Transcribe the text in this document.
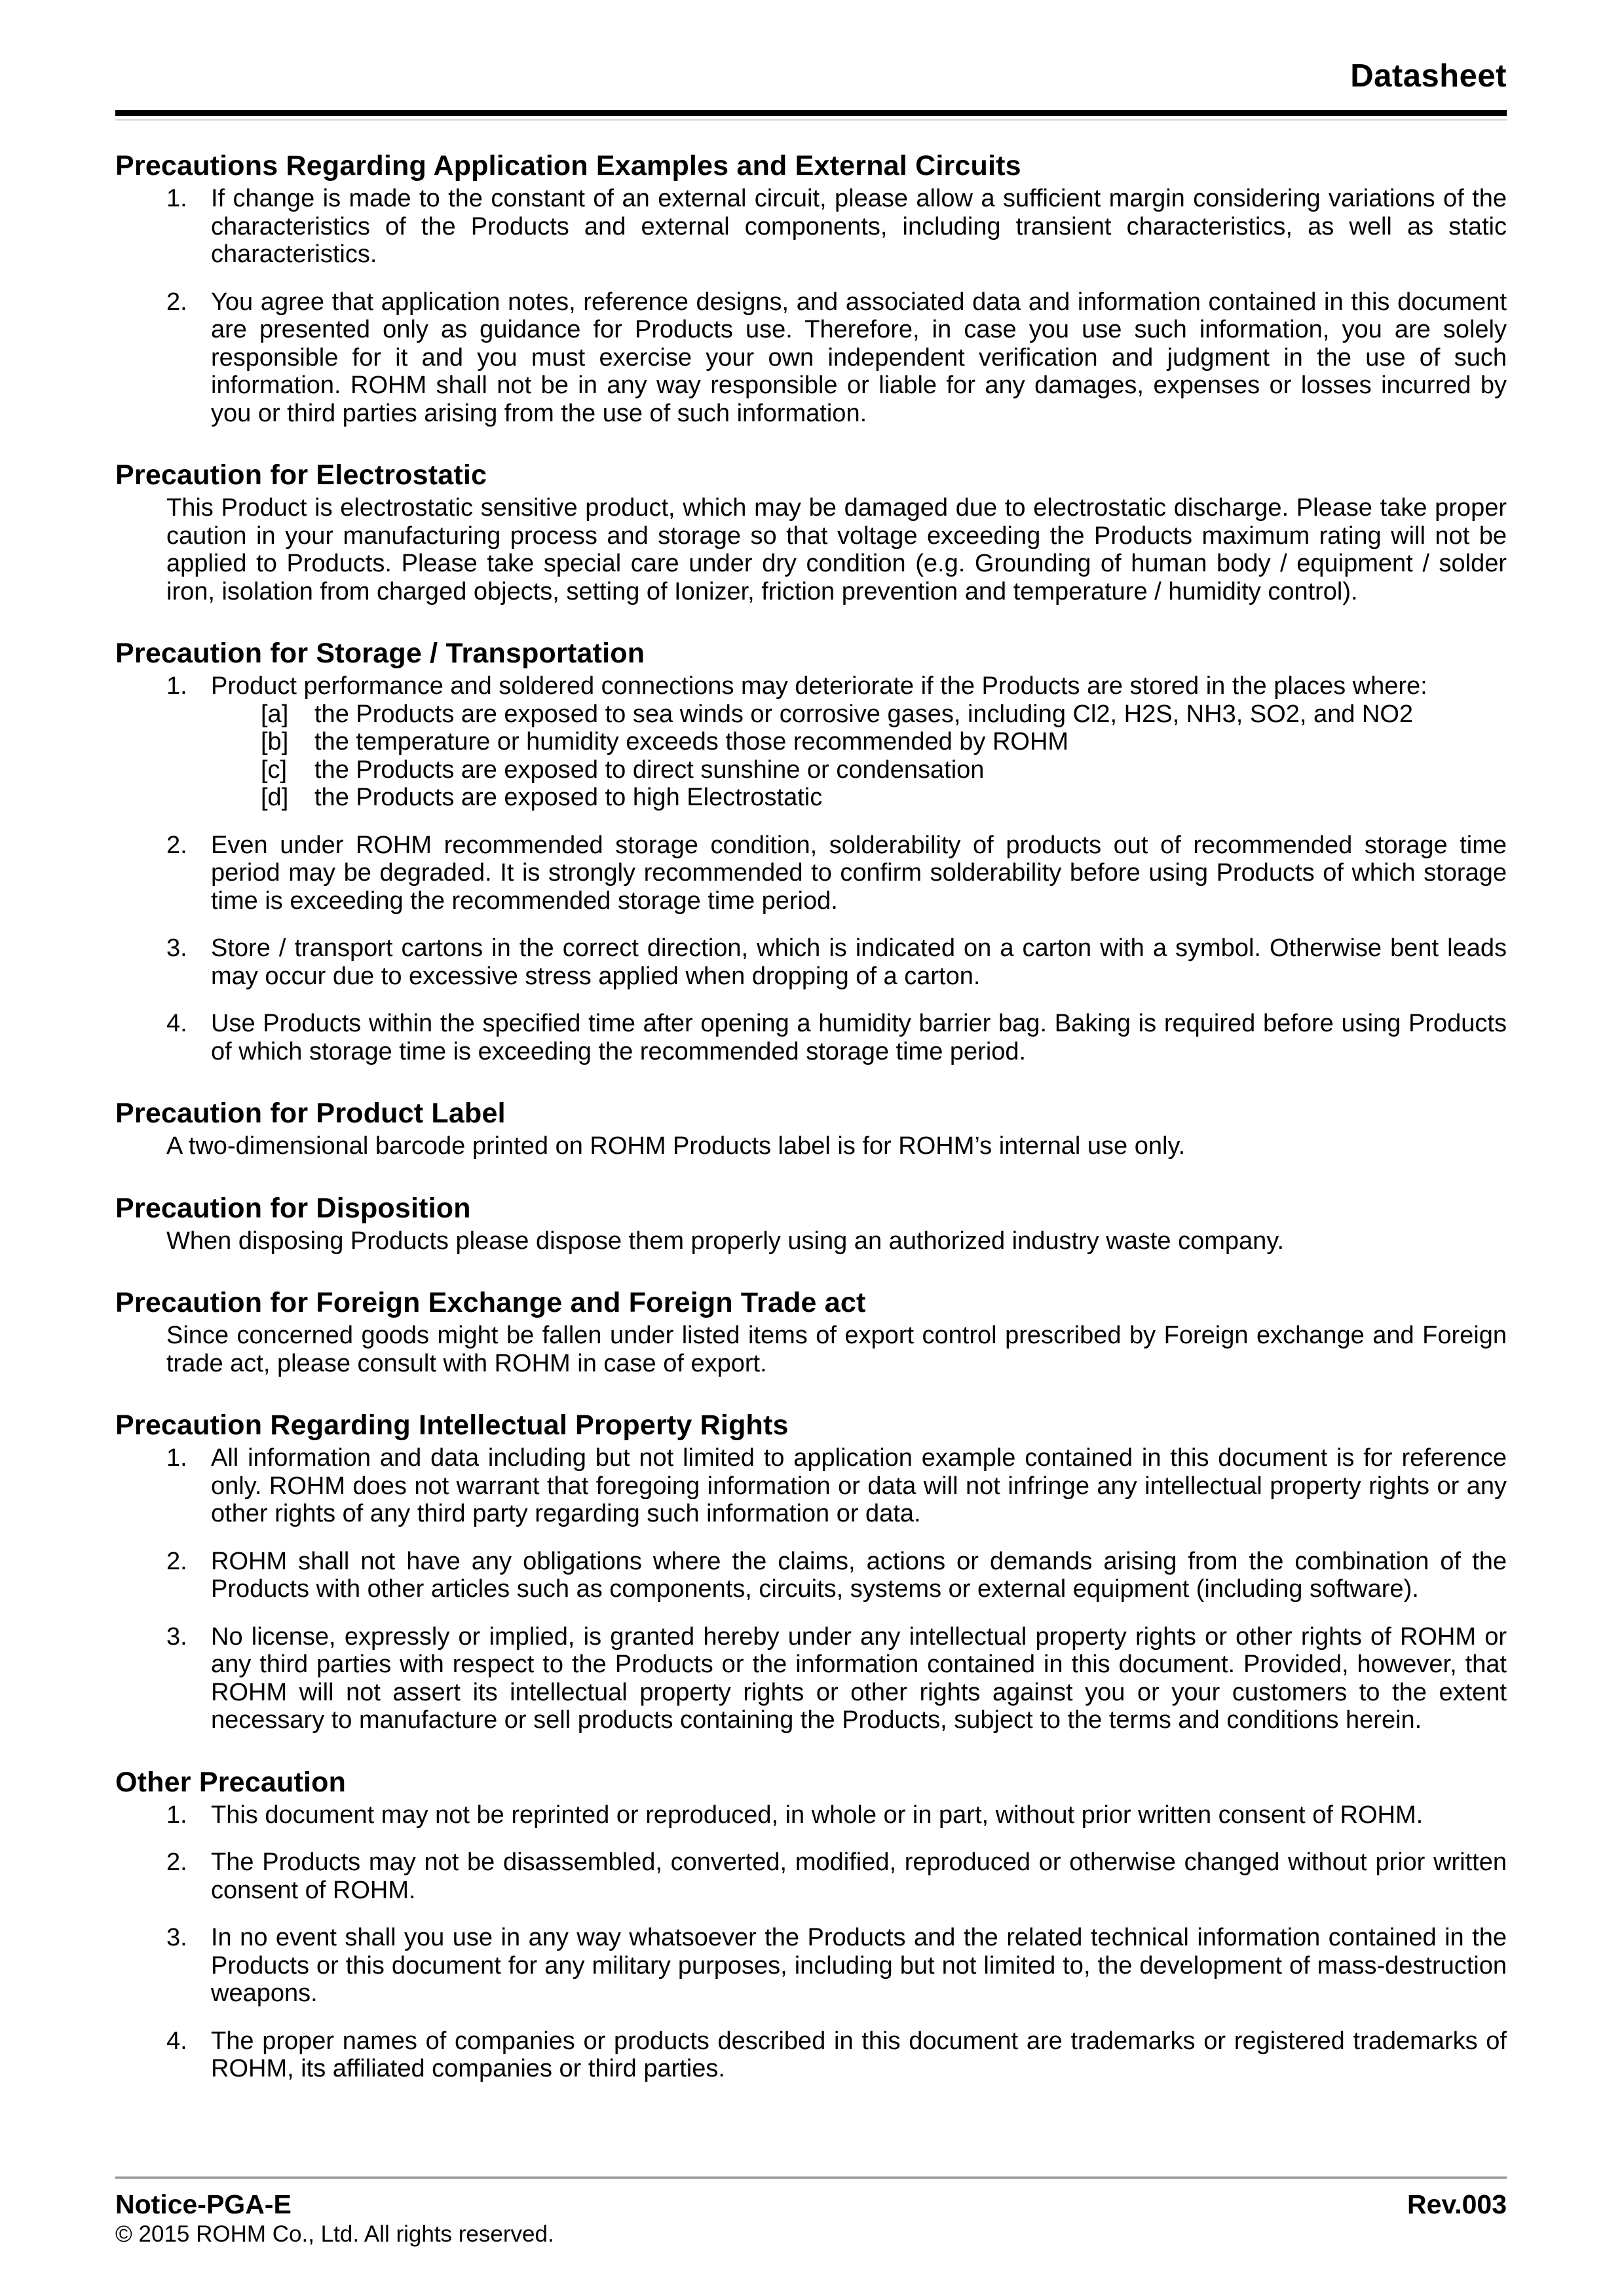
Datasheet
Precautions Regarding Application Examples and External Circuits
1. If change is made to the constant of an external circuit, please allow a sufficient margin considering variations of the characteristics of the Products and external components, including transient characteristics, as well as static characteristics.
2. You agree that application notes, reference designs, and associated data and information contained in this document are presented only as guidance for Products use. Therefore, in case you use such information, you are solely responsible for it and you must exercise your own independent verification and judgment in the use of such information. ROHM shall not be in any way responsible or liable for any damages, expenses or losses incurred by you or third parties arising from the use of such information.
Precaution for Electrostatic
This Product is electrostatic sensitive product, which may be damaged due to electrostatic discharge. Please take proper caution in your manufacturing process and storage so that voltage exceeding the Products maximum rating will not be applied to Products. Please take special care under dry condition (e.g. Grounding of human body / equipment / solder iron, isolation from charged objects, setting of Ionizer, friction prevention and temperature / humidity control).
Precaution for Storage / Transportation
1. Product performance and soldered connections may deteriorate if the Products are stored in the places where:
[a]	the Products are exposed to sea winds or corrosive gases, including Cl2, H2S, NH3, SO2, and NO2
[b]	the temperature or humidity exceeds those recommended by ROHM
[c]	the Products are exposed to direct sunshine or condensation
[d]	the Products are exposed to high Electrostatic
2. Even under ROHM recommended storage condition, solderability of products out of recommended storage time period may be degraded. It is strongly recommended to confirm solderability before using Products of which storage time is exceeding the recommended storage time period.
3. Store / transport cartons in the correct direction, which is indicated on a carton with a symbol. Otherwise bent leads may occur due to excessive stress applied when dropping of a carton.
4. Use Products within the specified time after opening a humidity barrier bag. Baking is required before using Products of which storage time is exceeding the recommended storage time period.
Precaution for Product Label
A two-dimensional barcode printed on ROHM Products label is for ROHM’s internal use only.
Precaution for Disposition
When disposing Products please dispose them properly using an authorized industry waste company.
Precaution for Foreign Exchange and Foreign Trade act
Since concerned goods might be fallen under listed items of export control prescribed by Foreign exchange and Foreign trade act, please consult with ROHM in case of export.
Precaution Regarding Intellectual Property Rights
1. All information and data including but not limited to application example contained in this document is for reference only. ROHM does not warrant that foregoing information or data will not infringe any intellectual property rights or any other rights of any third party regarding such information or data.
2. ROHM shall not have any obligations where the claims, actions or demands arising from the combination of the Products with other articles such as components, circuits, systems or external equipment (including software).
3. No license, expressly or implied, is granted hereby under any intellectual property rights or other rights of ROHM or any third parties with respect to the Products or the information contained in this document. Provided, however, that ROHM will not assert its intellectual property rights or other rights against you or your customers to the extent necessary to manufacture or sell products containing the Products, subject to the terms and conditions herein.
Other Precaution
1. This document may not be reprinted or reproduced, in whole or in part, without prior written consent of ROHM.
2. The Products may not be disassembled, converted, modified, reproduced or otherwise changed without prior written consent of ROHM.
3. In no event shall you use in any way whatsoever the Products and the related technical information contained in the Products or this document for any military purposes, including but not limited to, the development of mass-destruction weapons.
4. The proper names of companies or products described in this document are trademarks or registered trademarks of ROHM, its affiliated companies or third parties.
Notice-PGA-E	Rev.003
© 2015 ROHM Co., Ltd. All rights reserved.
